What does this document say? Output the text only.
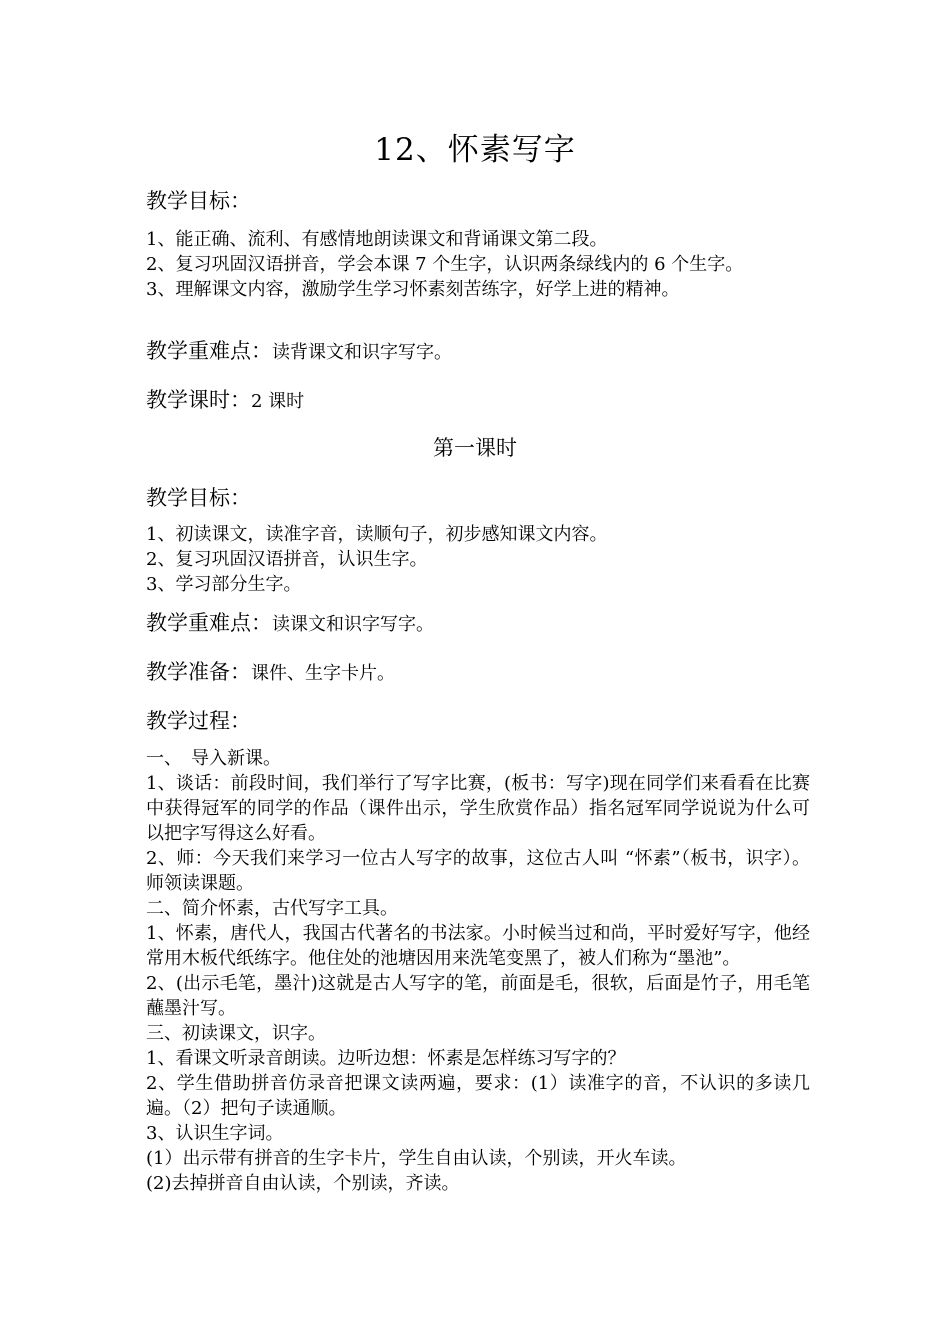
12、怀素写字
教学目标：

1、能正确、流利、有感情地朗读课文和背诵课文第二段。

2、复习巩固汉语拼音，学会本课 7 个生字，认识两条绿线内的 6 个生字。

3、理解课文内容，激励学生学习怀素刻苦练字，好学上进的精神。

教学重难点：读背课文和识字写字。
教学课时：2 课时
第一课时
教学目标：

1、初读课文，读准字音，读顺句子，初步感知课文内容。

2、复习巩固汉语拼音，认识生字。

3、学习部分生字。

教学重难点：读课文和识字写字。
教学准备：课件、生字卡片。
教学过程：

一、　导入新课。

1、谈话：前段时间，我们举行了写字比赛，(板书：写字)现在同学们来看看在比赛中获得冠军的同学的作品（课件出示，学生欣赏作品）指名冠军同学说说为什么可以把字写得这么好看。

2、师：今天我们来学习一位古人写字的故事，这位古人叫 “怀素”（板书，识字）。师领读课题。

二、简介怀素，古代写字工具。

1、怀素，唐代人，我国古代著名的书法家。小时候当过和尚，平时爱好写字，他经常用木板代纸练字。他住处的池塘因用来洗笔变黑了，被人们称为“墨池”。

2、(出示毛笔，墨汁)这就是古人写字的笔，前面是毛，很软，后面是竹子，用毛笔蘸墨汁写。

三、初读课文，识字。

1、看课文听录音朗读。边听边想：怀素是怎样练习写字的？

2、学生借助拼音仿录音把课文读两遍，要求：(1）读准字的音，不认识的多读几遍。（2）把句子读通顺。

3、认识生字词。

(1）出示带有拼音的生字卡片，学生自由认读，个别读，开火车读。

(2)去掉拼音自由认读，个别读，齐读。
